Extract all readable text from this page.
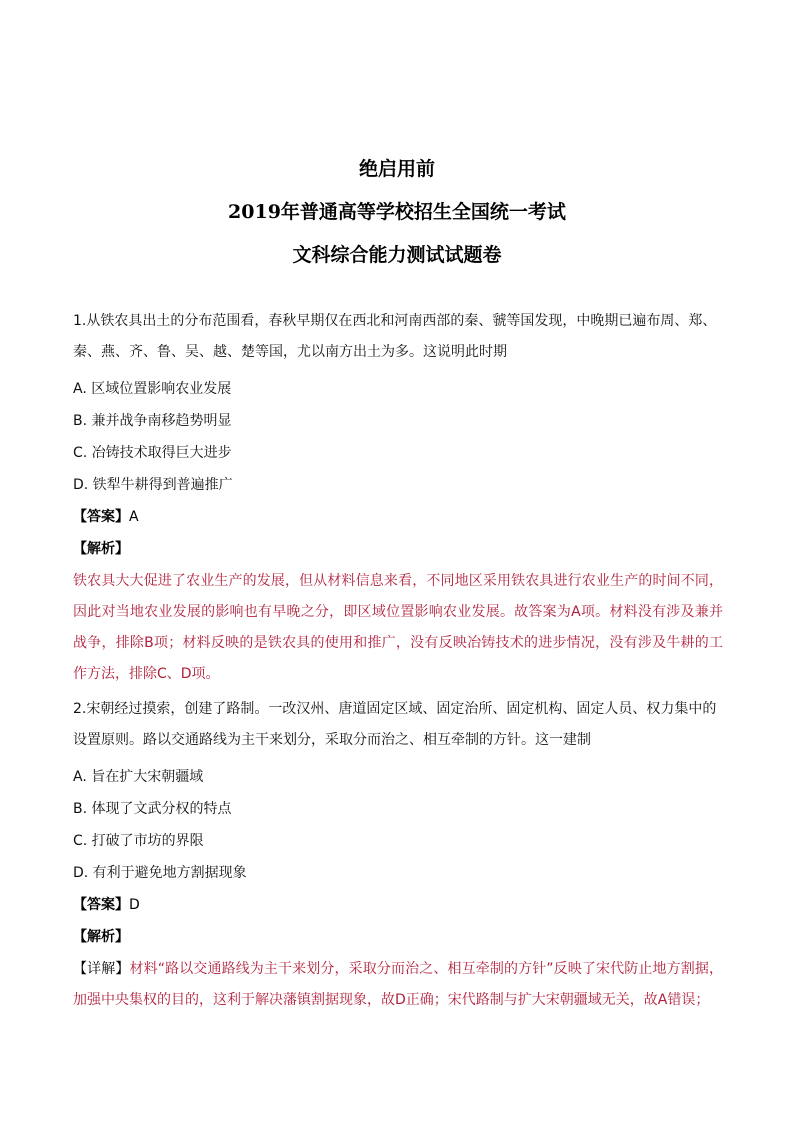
绝启用前
2019年普通高等学校招生全国统一考试
文科综合能力测试试题卷

1.从铁农具出土的分布范围看，春秋早期仅在西北和河南西部的秦、虢等国发现，中晚期已遍布周、郑、秦、燕、齐、鲁、吴、越、楚等国，尤以南方出土为多。这说明此时期

A. 区域位置影响农业发展
B. 兼并战争南移趋势明显
C. 冶铸技术取得巨大进步
D. 铁犁牛耕得到普遍推广
【答案】A
【解析】
铁农具大大促进了农业生产的发展，但从材料信息来看，不同地区采用铁农具进行农业生产的时间不同，因此对当地农业发展的影响也有早晚之分，即区域位置影响农业发展。故答案为A项。材料没有涉及兼并战争，排除B项；材料反映的是铁农具的使用和推广，没有反映冶铸技术的进步情况，没有涉及牛耕的工作方法，排除C、D项。

2.宋朝经过摸索，创建了路制。一改汉州、唐道固定区域、固定治所、固定机构、固定人员、权力集中的设置原则。路以交通路线为主干来划分，采取分而治之、相互牵制的方针。这一建制

A. 旨在扩大宋朝疆域
B. 体现了文武分权的特点
C. 打破了市坊的界限
D. 有利于避免地方割据现象
【答案】D
【解析】
【详解】材料“路以交通路线为主干来划分，采取分而治之、相互牵制的方针”反映了宋代防止地方割据，加强中央集权的目的，这利于解决藩镇割据现象，故D正确；宋代路制与扩大宋朝疆域无关，故A错误；
